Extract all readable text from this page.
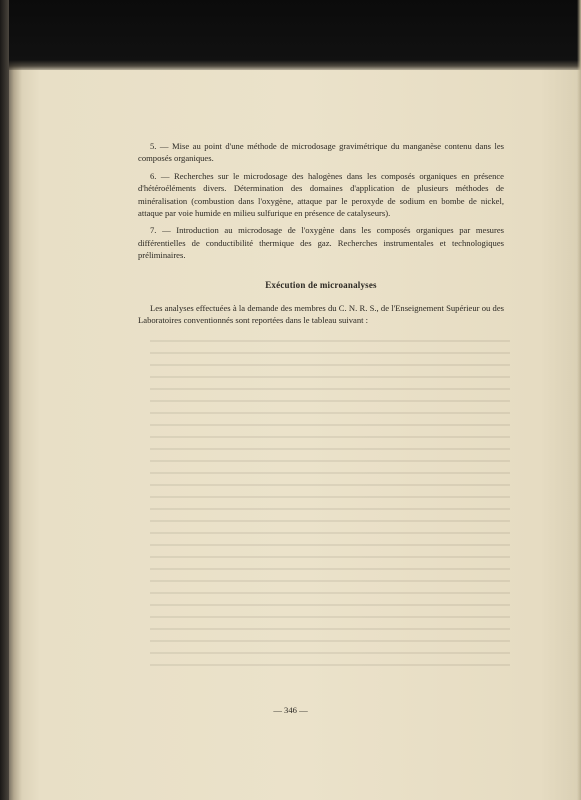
5. — Mise au point d'une méthode de microdosage gravimétrique du manganèse contenu dans les composés organiques.

6. — Recherches sur le microdosage des halogènes dans les composés organiques en présence d'hétéroéléments divers. Détermination des domaines d'application de plusieurs méthodes de minéralisation (combustion dans l'oxygène, attaque par le peroxyde de sodium en bombe de nickel, attaque par voie humide en milieu sulfurique en présence de catalyseurs).

7. — Introduction au microdosage de l'oxygène dans les composés organiques par mesures différentielles de conductibilité thermique des gaz. Recherches instrumentales et technologiques préliminaires.

Exécution de microanalyses

Les analyses effectuées à la demande des membres du C. N. R. S., de l'Enseignement Supérieur ou des Laboratoires conventionnés sont reportées dans le tableau suivant :

— 346 —
